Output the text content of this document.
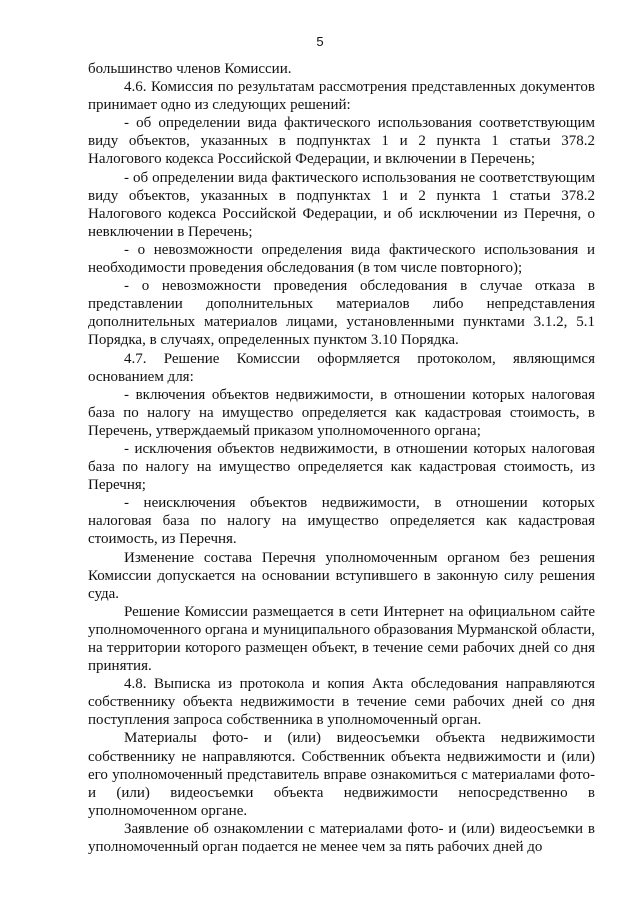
5

большинство членов Комиссии.

4.6. Комиссия по результатам рассмотрения представленных документов принимает одно из следующих решений:

- об определении вида фактического использования соответствующим виду объектов, указанных в подпунктах 1 и 2 пункта 1 статьи 378.2 Налогового кодекса Российской Федерации, и включении в Перечень;

- об определении вида фактического использования не соответствующим виду объектов, указанных в подпунктах 1 и 2 пункта 1 статьи 378.2 Налогового кодекса Российской Федерации, и об исключении из Перечня, о невключении в Перечень;

- о невозможности определения вида фактического использования и необходимости проведения обследования (в том числе повторного);

- о невозможности проведения обследования в случае отказа в представлении дополнительных материалов либо непредставления дополнительных материалов лицами, установленными пунктами 3.1.2, 5.1 Порядка, в случаях, определенных пунктом 3.10 Порядка.

4.7. Решение Комиссии оформляется протоколом, являющимся основанием для:

- включения объектов недвижимости, в отношении которых налоговая база по налогу на имущество определяется как кадастровая стоимость, в Перечень, утверждаемый приказом уполномоченного органа;

- исключения объектов недвижимости, в отношении которых налоговая база по налогу на имущество определяется как кадастровая стоимость, из Перечня;

- неисключения объектов недвижимости, в отношении которых налоговая база по налогу на имущество определяется как кадастровая стоимость, из Перечня.

Изменение состава Перечня уполномоченным органом без решения Комиссии допускается на основании вступившего в законную силу решения суда.

Решение Комиссии размещается в сети Интернет на официальном сайте уполномоченного органа и муниципального образования Мурманской области, на территории которого размещен объект, в течение семи рабочих дней со дня принятия.

4.8. Выписка из протокола и копия Акта обследования направляются собственнику объекта недвижимости в течение семи рабочих дней со дня поступления запроса собственника в уполномоченный орган.

Материалы фото- и (или) видеосъемки объекта недвижимости собственнику не направляются. Собственник объекта недвижимости и (или) его уполномоченный представитель вправе ознакомиться с материалами фото- и (или) видеосъемки объекта недвижимости непосредственно в уполномоченном органе.

Заявление об ознакомлении с материалами фото- и (или) видеосъемки в уполномоченный орган подается не менее чем за пять рабочих дней до
